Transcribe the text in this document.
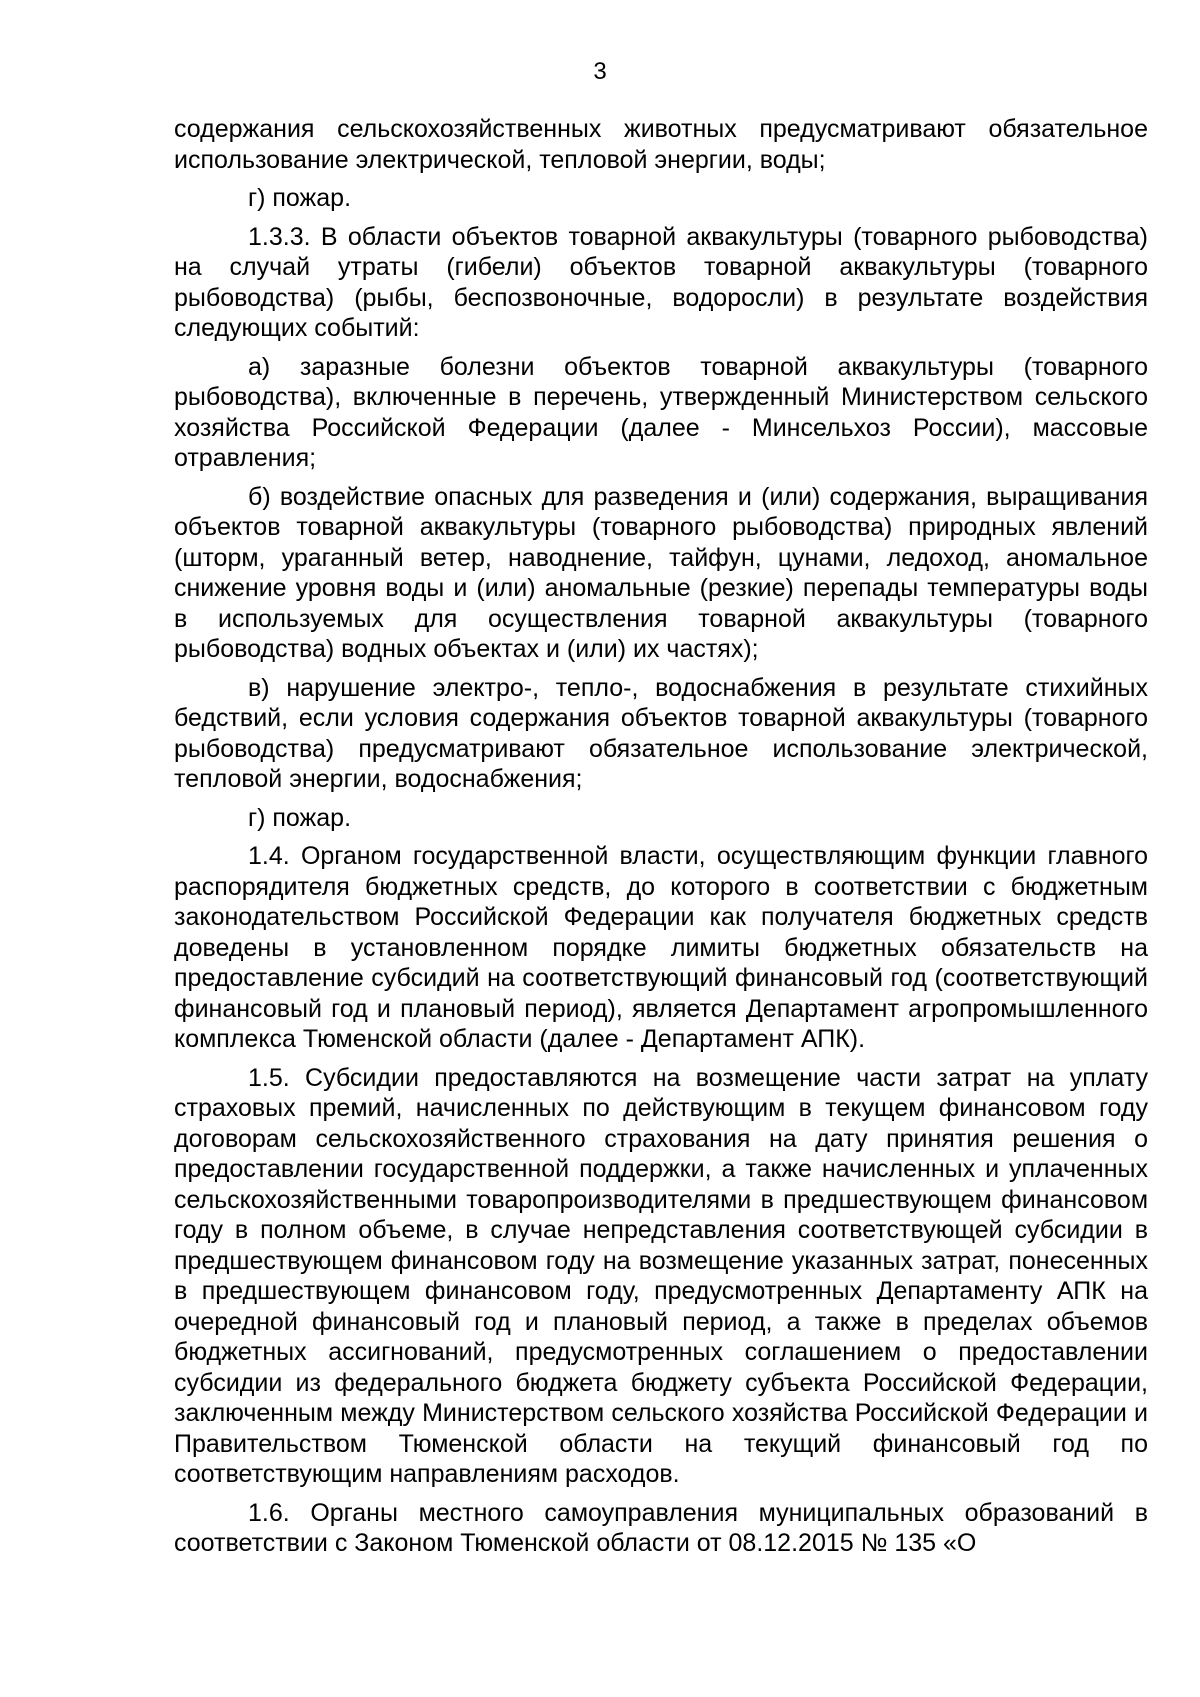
3

содержания сельскохозяйственных животных предусматривают обязательное использование электрической, тепловой энергии, воды;

г) пожар.

1.3.3. В области объектов товарной аквакультуры (товарного рыбоводства) на случай утраты (гибели) объектов товарной аквакультуры (товарного рыбоводства) (рыбы, беспозвоночные, водоросли) в результате воздействия следующих событий:

а) заразные болезни объектов товарной аквакультуры (товарного рыбоводства), включенные в перечень, утвержденный Министерством сельского хозяйства Российской Федерации (далее - Минсельхоз России), массовые отравления;

б) воздействие опасных для разведения и (или) содержания, выращивания объектов товарной аквакультуры (товарного рыбоводства) природных явлений (шторм, ураганный ветер, наводнение, тайфун, цунами, ледоход, аномальное снижение уровня воды и (или) аномальные (резкие) перепады температуры воды в используемых для осуществления товарной аквакультуры (товарного рыбоводства) водных объектах и (или) их частях);

в) нарушение электро-, тепло-, водоснабжения в результате стихийных бедствий, если условия содержания объектов товарной аквакультуры (товарного рыбоводства) предусматривают обязательное использование электрической, тепловой энергии, водоснабжения;

г) пожар.

1.4. Органом государственной власти, осуществляющим функции главного распорядителя бюджетных средств, до которого в соответствии с бюджетным законодательством Российской Федерации как получателя бюджетных средств доведены в установленном порядке лимиты бюджетных обязательств на предоставление субсидий на соответствующий финансовый год (соответствующий финансовый год и плановый период), является Департамент агропромышленного комплекса Тюменской области (далее - Департамент АПК).

1.5. Субсидии предоставляются на возмещение части затрат на уплату страховых премий, начисленных по действующим в текущем финансовом году договорам сельскохозяйственного страхования на дату принятия решения о предоставлении государственной поддержки, а также начисленных и уплаченных сельскохозяйственными товаропроизводителями в предшествующем финансовом году в полном объеме, в случае непредставления соответствующей субсидии в предшествующем финансовом году на возмещение указанных затрат, понесенных в предшествующем финансовом году, предусмотренных Департаменту АПК на очередной финансовый год и плановый период, а также в пределах объемов бюджетных ассигнований, предусмотренных соглашением о предоставлении субсидии из федерального бюджета бюджету субъекта Российской Федерации, заключенным между Министерством сельского хозяйства Российской Федерации и Правительством Тюменской области на текущий финансовый год по соответствующим направлениям расходов.

1.6. Органы местного самоуправления муниципальных образований в соответствии с Законом Тюменской области от 08.12.2015 № 135 «О
